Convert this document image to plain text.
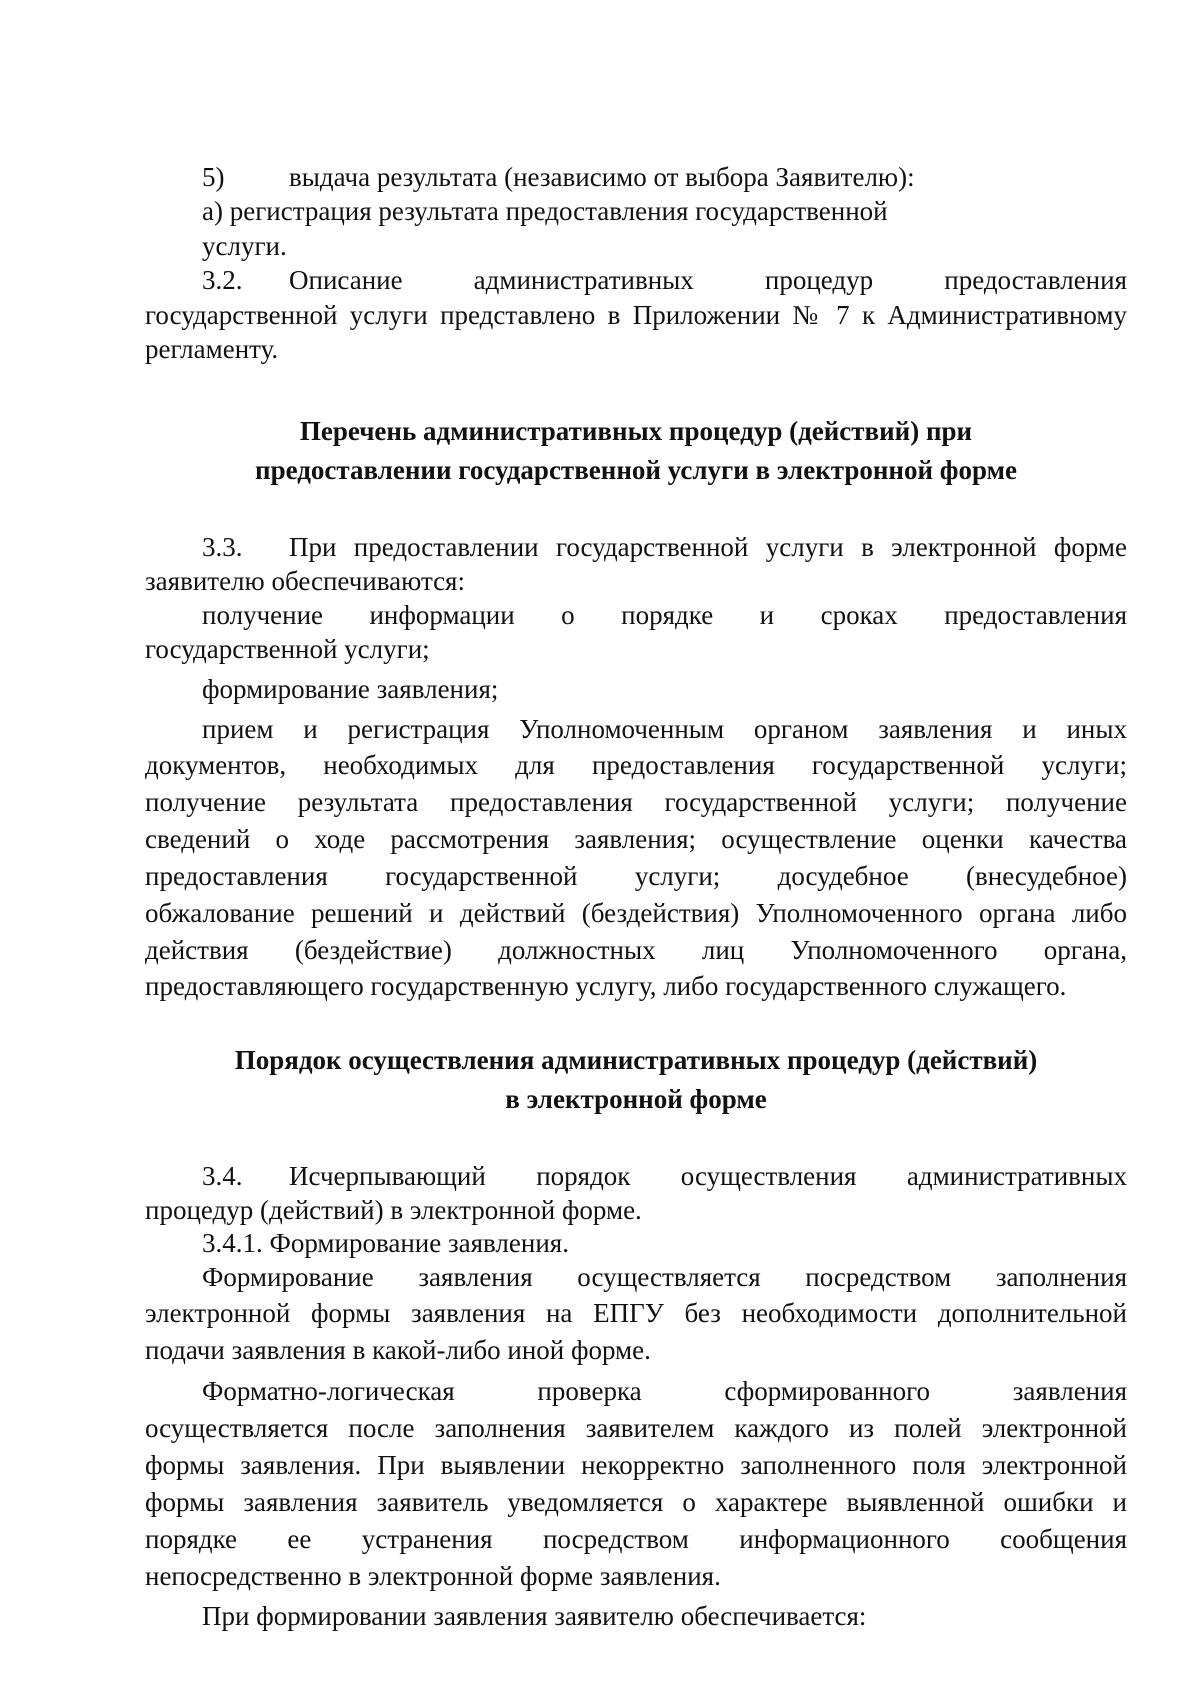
5) выдача результата (независимо от выбора Заявителю):
а) регистрация результата предоставления государственной
услуги.
3.2. Описание административных процедур предоставления
государственной услуги представлено в Приложении № 7 к Административному
регламенту.
Перечень административных процедур (действий) при
предоставлении государственной услуги в электронной форме
3.3. При предоставлении государственной услуги в электронной форме
заявителю обеспечиваются:
получение информации о порядке и сроках предоставления
государственной услуги;
формирование заявления;
прием и регистрация Уполномоченным органом заявления и иных
документов, необходимых для предоставления государственной услуги;
получение результата предоставления государственной услуги; получение
сведений о ходе рассмотрения заявления; осуществление оценки качества
предоставления государственной услуги; досудебное (внесудебное)
обжалование решений и действий (бездействия) Уполномоченного органа либо
действия (бездействие) должностных лиц Уполномоченного органа,
предоставляющего государственную услугу, либо государственного служащего.
Порядок осуществления административных процедур (действий)
в электронной форме
3.4. Исчерпывающий порядок осуществления административных
процедур (действий) в электронной форме.
3.4.1. Формирование заявления.
Формирование заявления осуществляется посредством заполнения
электронной формы заявления на ЕПГУ без необходимости дополнительной
подачи заявления в какой-либо иной форме.
Форматно-логическая проверка сформированного заявления
осуществляется после заполнения заявителем каждого из полей электронной
формы заявления. При выявлении некорректно заполненного поля электронной
формы заявления заявитель уведомляется о характере выявленной ошибки и
порядке ее устранения посредством информационного сообщения
непосредственно в электронной форме заявления.
При формировании заявления заявителю обеспечивается:
